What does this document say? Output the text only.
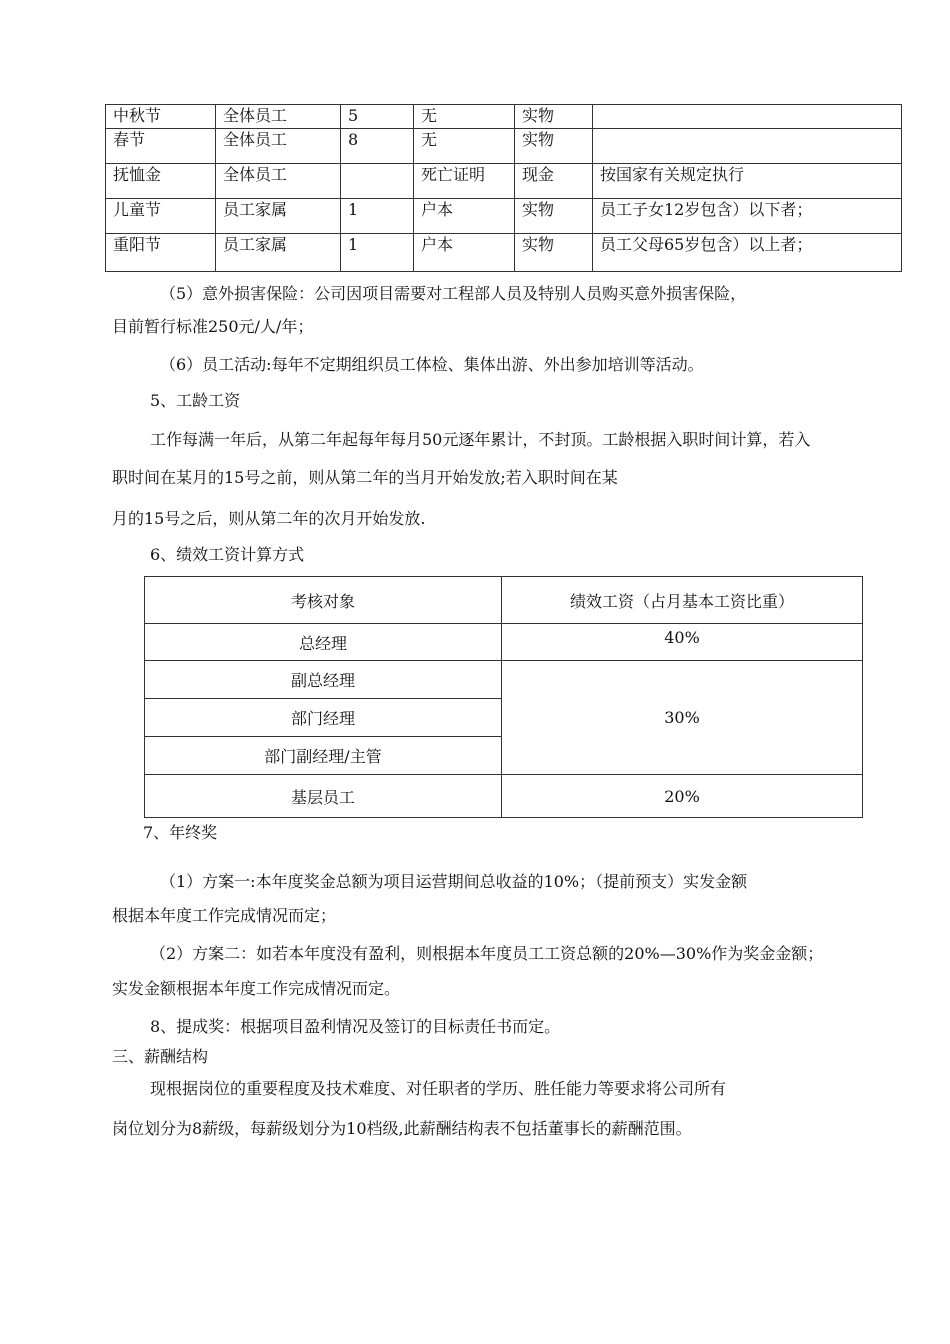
中秋节	全体员工	5	无	实物	
春节	全体员工	8	无	实物	
抚恤金	全体员工		死亡证明	现金	按国家有关规定执行
儿童节	员工家属	1	户本	实物	员工子女12岁包含）以下者；
重阳节	员工家属	1	户本	实物	员工父母65岁包含）以上者；
（5）意外损害保险：公司因项目需要对工程部人员及特别人员购买意外损害保险，
目前暂行标准250元/人/年；
（6）员工活动:每年不定期组织员工体检、集体出游、外出参加培训等活动。
5、工龄工资
工作每满一年后，从第二年起每年每月50元逐年累计，不封顶。工龄根据入职时间计算，若入
职时间在某月的15号之前，则从第二年的当月开始发放;若入职时间在某
月的15号之后，则从第二年的次月开始发放.
6、绩效工资计算方式
考核对象	绩效工资（占月基本工资比重）
总经理	40%
副总经理	30%
部门经理	
部门副经理/主管	
基层员工	20%
7、年终奖
（1）方案一:本年度奖金总额为项目运营期间总收益的10%；（提前预支）实发金额
根据本年度工作完成情况而定；
（2）方案二：如若本年度没有盈利，则根据本年度员工工资总额的20%—30%作为奖金金额；
实发金额根据本年度工作完成情况而定。
8、提成奖：根据项目盈利情况及签订的目标责任书而定。
三、薪酬结构
现根据岗位的重要程度及技术难度、对任职者的学历、胜任能力等要求将公司所有
岗位划分为8薪级，每薪级划分为10档级,此薪酬结构表不包括董事长的薪酬范围。
